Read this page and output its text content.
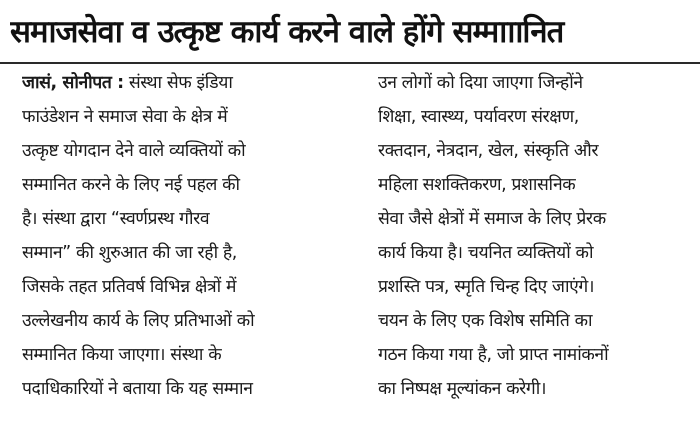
समाजसेवा व उत्कृष्ट कार्य करने वाले होंगे सम्मााानित
जासं, सोनीपत : संस्था सेफ इंडिया
फाउंडेशन ने समाज सेवा के क्षेत्र में
उत्कृष्ट योगदान देने वाले व्यक्तियों को
सम्मानित करने के लिए नई पहल की
है। संस्था द्वारा “स्वर्णप्रस्थ गौरव
सम्मान” की शुरुआत की जा रही है,
जिसके तहत प्रतिवर्ष विभिन्न क्षेत्रों में
उल्लेखनीय कार्य के लिए प्रतिभाओं को
सम्मानित किया जाएगा। संस्था के
पदाधिकारियों ने बताया कि यह सम्मान
उन लोगों को दिया जाएगा जिन्होंने
शिक्षा, स्वास्थ्य, पर्यावरण संरक्षण,
रक्तदान, नेत्रदान, खेल, संस्कृति और
महिला सशक्तिकरण, प्रशासनिक
सेवा जैसे क्षेत्रों में समाज के लिए प्रेरक
कार्य किया है। चयनित व्यक्तियों को
प्रशस्ति पत्र, स्मृति चिन्ह दिए जाएंगे।
चयन के लिए एक विशेष समिति का
गठन किया गया है, जो प्राप्त नामांकनों
का निष्पक्ष मूल्यांकन करेगी।
